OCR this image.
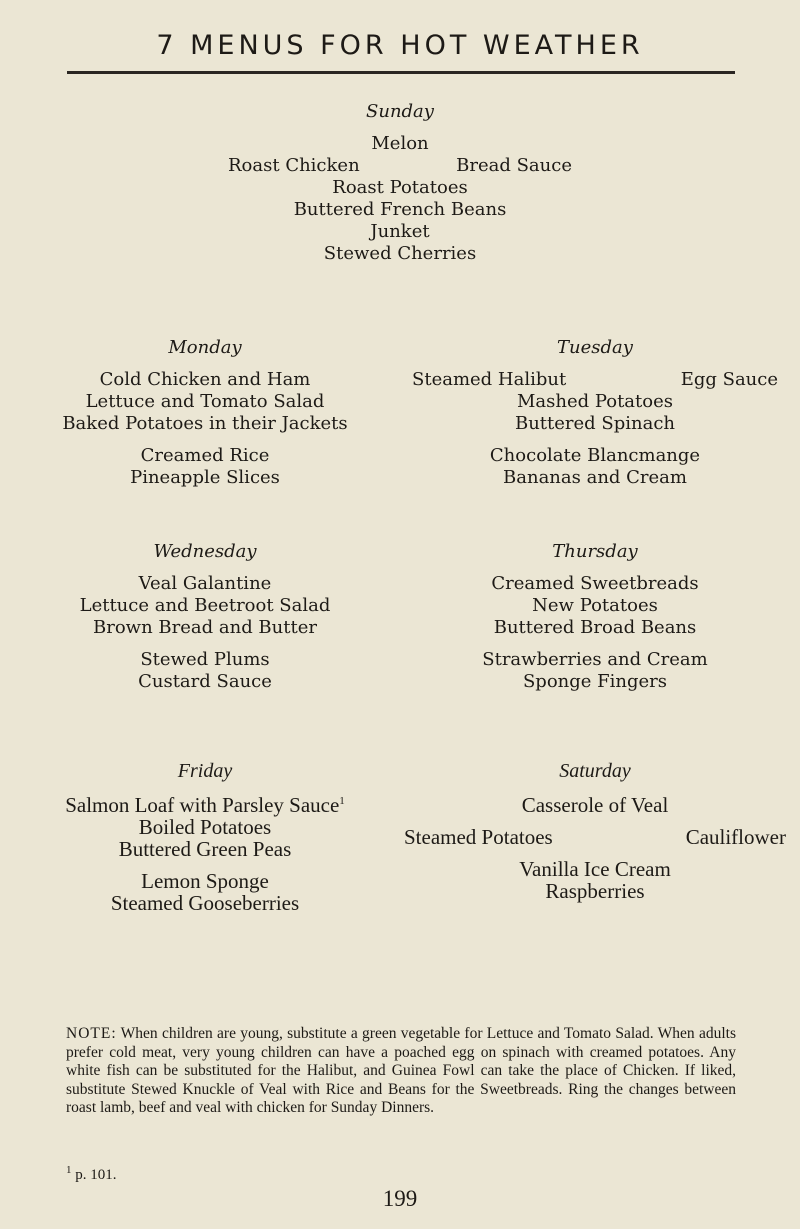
7 MENUS FOR HOT WEATHER
Sunday
Melon
Roast Chicken	Bread Sauce
Roast Potatoes
Buttered French Beans
Junket
Stewed Cherries
Monday
Cold Chicken and Ham
Lettuce and Tomato Salad
Baked Potatoes in their Jackets
Creamed Rice
Pineapple Slices
Tuesday
Steamed Halibut	Egg Sauce
Mashed Potatoes
Buttered Spinach
Chocolate Blancmange
Bananas and Cream
Wednesday
Veal Galantine
Lettuce and Beetroot Salad
Brown Bread and Butter
Stewed Plums
Custard Sauce
Thursday
Creamed Sweetbreads
New Potatoes
Buttered Broad Beans
Strawberries and Cream
Sponge Fingers
Friday
Salmon Loaf with Parsley Sauce$^1$
Boiled Potatoes
Buttered Green Peas
Lemon Sponge
Steamed Gooseberries
Saturday
Casserole of Veal
Steamed Potatoes	Cauliflower
Vanilla Ice Cream
Raspberries
NOTE: When children are young, substitute a green vegetable for Lettuce and Tomato Salad. When adults prefer cold meat, very young children can have a poached egg on spinach with creamed potatoes. Any white fish can be substituted for the Halibut, and Guinea Fowl can take the place of Chicken. If liked, substitute Stewed Knuckle of Veal with Rice and Beans for the Sweetbreads. Ring the changes between roast lamb, beef and veal with chicken for Sunday Dinners.
$^1$ p. 101.
199
